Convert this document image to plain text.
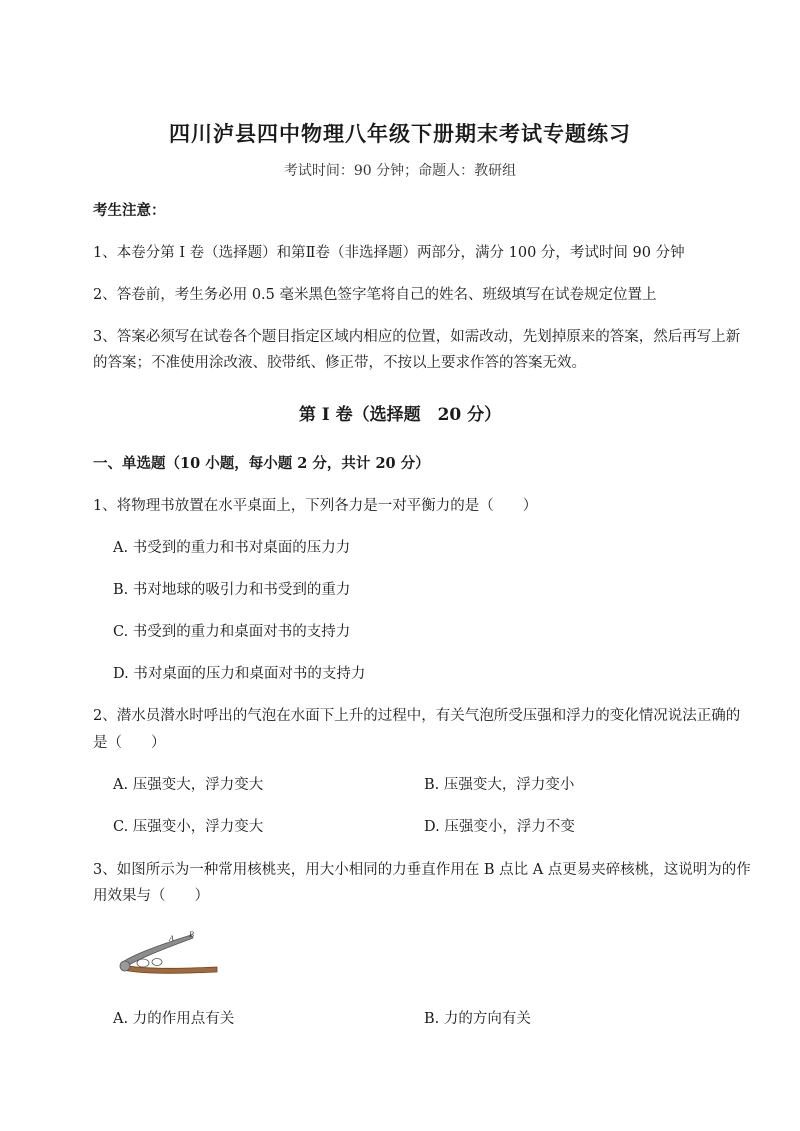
四川泸县四中物理八年级下册期末考试专题练习
考试时间：90 分钟；命题人：教研组
考生注意：
1、本卷分第 I 卷（选择题）和第Ⅱ卷（非选择题）两部分，满分 100 分，考试时间 90 分钟
2、答卷前，考生务必用 0.5 毫米黑色签字笔将自己的姓名、班级填写在试卷规定位置上
3、答案必须写在试卷各个题目指定区域内相应的位置，如需改动，先划掉原来的答案，然后再写上新
的答案；不准使用涂改液、胶带纸、修正带，不按以上要求作答的答案无效。
第 I 卷（选择题　20 分）
一、单选题（10 小题，每小题 2 分，共计 20 分）
1、将物理书放置在水平桌面上，下列各力是一对平衡力的是（　　）
A. 书受到的重力和书对桌面的压力力
B. 书对地球的吸引力和书受到的重力
C. 书受到的重力和桌面对书的支持力
D. 书对桌面的压力和桌面对书的支持力
2、潜水员潜水时呼出的气泡在水面下上升的过程中，有关气泡所受压强和浮力的变化情况说法正确的
是（　　）
A. 压强变大，浮力变大	B. 压强变大，浮力变小
C. 压强变小，浮力变大	D. 压强变小，浮力不变
3、如图所示为一种常用核桃夹，用大小相同的力垂直作用在 B 点比 A 点更易夹碎核桃，这说明为的作
用效果与（　　）
A B
A. 力的作用点有关	B. 力的方向有关
